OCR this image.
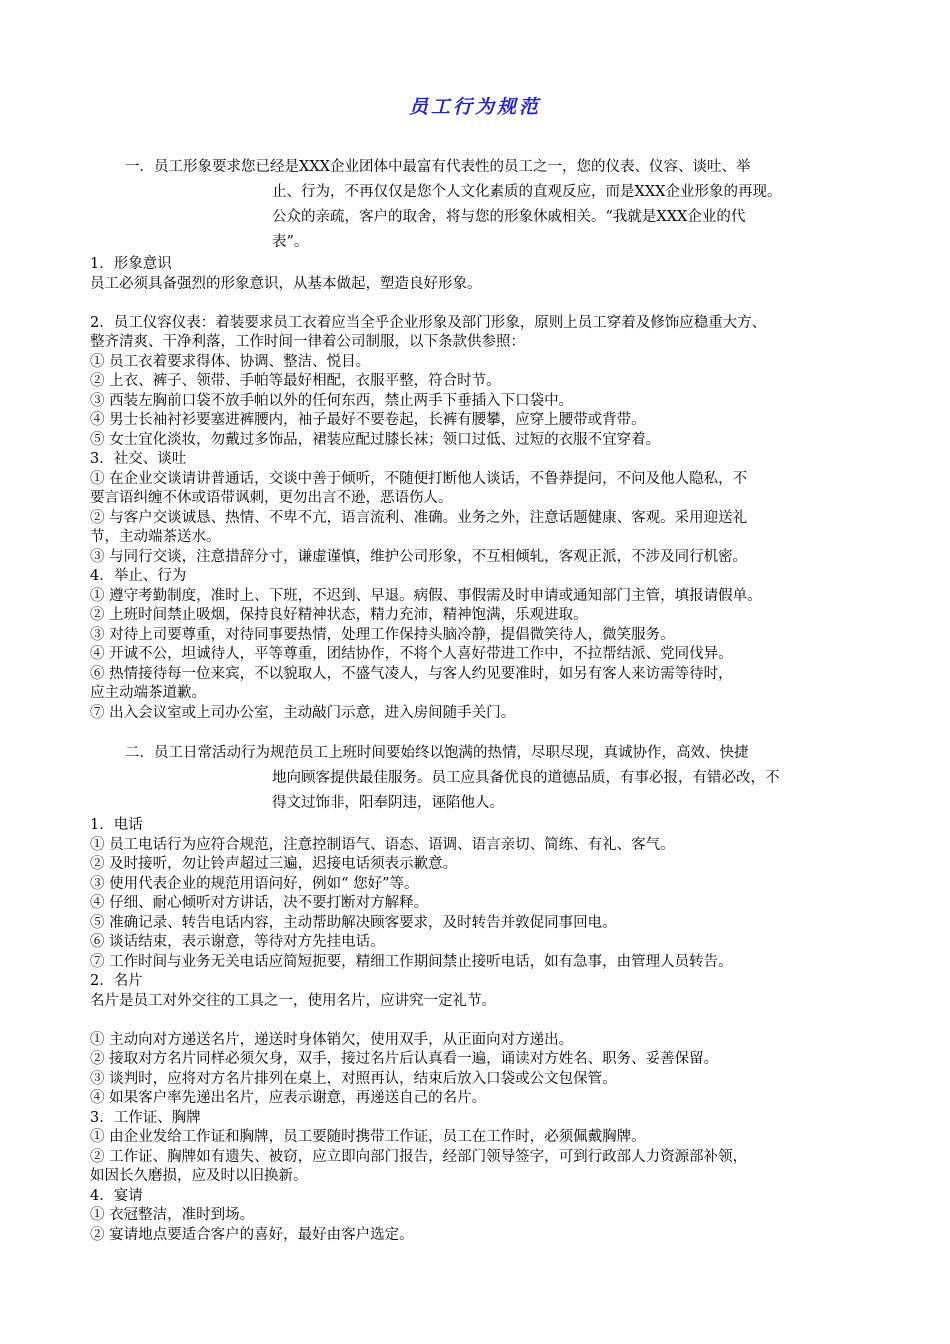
员工行为规范
一．员工形象要求您已经是XXX企业团体中最富有代表性的员工之一，您的仪表、仪容、谈吐、举
止、行为，不再仅仅是您个人文化素质的直观反应，而是XXX企业形象的再现。
公众的亲疏，客户的取舍，将与您的形象休戚相关。“我就是XXX企业的代
表”。
1．形象意识
员工必须具备强烈的形象意识，从基本做起，塑造良好形象。
2．员工仪容仪表：着装要求员工衣着应当全乎企业形象及部门形象，原则上员工穿着及修饰应稳重大方、
整齐清爽、干净利落，工作时间一律着公司制服，以下条款供参照：
① 员工衣着要求得体、协调、整洁、悦目。
② 上衣、裤子、领带、手帕等最好相配，衣服平整，符合时节。
③ 西装左胸前口袋不放手帕以外的任何东西，禁止两手下垂插入下口袋中。
④ 男士长袖衬衫要塞进裤腰内，袖子最好不要卷起，长裤有腰攀，应穿上腰带或背带。
⑤ 女士宜化淡妆，勿戴过多饰品，裙装应配过膝长袜；领口过低、过短的衣服不宜穿着。
3．社交、谈吐
① 在企业交谈请讲普通话，交谈中善于倾听，不随便打断他人谈话，不鲁莽提问，不问及他人隐私，不
要言语纠缠不休或语带讽刺，更勿出言不逊，恶语伤人。
② 与客户交谈诚恳、热情、不卑不亢，语言流利、准确。业务之外，注意话题健康、客观。采用迎送礼
节，主动端茶送水。
③ 与同行交谈，注意措辞分寸，谦虚谨慎，维护公司形象，不互相倾轧，客观正派，不涉及同行机密。
4．举止、行为
① 遵守考勤制度，准时上、下班，不迟到、早退。病假、事假需及时申请或通知部门主管，填报请假单。
② 上班时间禁止吸烟，保持良好精神状态，精力充沛，精神饱满，乐观进取。
③ 对待上司要尊重，对待同事要热情，处理工作保持头脑冷静，提倡微笑待人，微笑服务。
④ 开诚不公，坦诚待人，平等尊重，团结协作，不将个人喜好带进工作中，不拉帮结派、党同伐异。
⑥ 热情接待每一位来宾，不以貌取人，不盛气凌人，与客人约见要准时，如另有客人来访需等待时，
应主动端茶道歉。
⑦ 出入会议室或上司办公室，主动敲门示意，进入房间随手关门。
二．员工日常活动行为规范员工上班时间要始终以饱满的热情，尽职尽现，真诚协作，高效、快捷
地向顾客提供最佳服务。员工应具备优良的道德品质，有事必报，有错必改，不
得文过饰非，阳奉阴违，诬陷他人。
1．电话
① 员工电话行为应符合规范，注意控制语气、语态、语调、语言亲切、简练、有礼、客气。
② 及时接听，勿让铃声超过三遍，迟接电话须表示歉意。
③ 使用代表企业的规范用语问好，例如“ 您好”等。
④ 仔细、耐心倾听对方讲话，决不要打断对方解释。
⑤ 准确记录、转告电话内容，主动帮助解决顾客要求，及时转告并敦促同事回电。
⑥ 谈话结束，表示谢意，等待对方先挂电话。
⑦ 工作时间与业务无关电话应简短扼要，精细工作期间禁止接听电话，如有急事，由管理人员转告。
2．名片
名片是员工对外交往的工具之一，使用名片，应讲究一定礼节。
① 主动向对方递送名片，递送时身体销欠，使用双手，从正面向对方递出。
② 接取对方名片同样必须欠身，双手，接过名片后认真看一遍，诵读对方姓名、职务、妥善保留。
③ 谈判时，应将对方名片排列在桌上，对照再认，结束后放入口袋或公文包保管。
④ 如果客户率先递出名片，应表示谢意，再递送自己的名片。
3．工作证、胸牌
① 由企业发给工作证和胸牌，员工要随时携带工作证，员工在工作时，必须佩戴胸牌。
② 工作证、胸牌如有遗失、被窃，应立即向部门报告，经部门领导签字，可到行政部人力资源部补领，
如因长久磨损，应及时以旧换新。
4．宴请
① 衣冠整洁，准时到场。
② 宴请地点要适合客户的喜好，最好由客户选定。
